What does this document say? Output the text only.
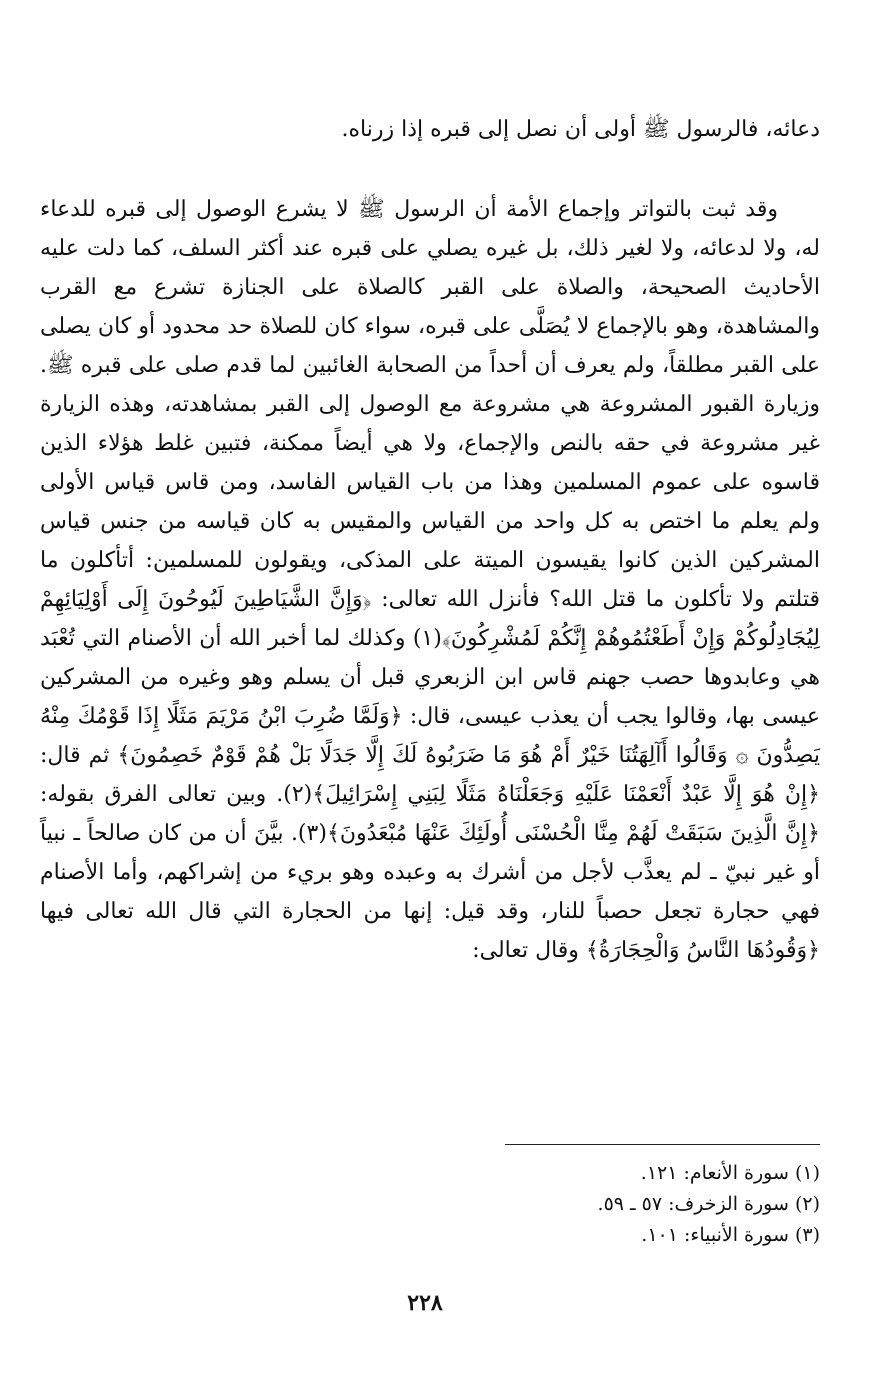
دعائه، فالرسول ﷺ أولى أن نصل إلى قبره إذا زرناه.

وقد ثبت بالتواتر وإجماع الأمة أن الرسول ﷺ لا يشرع الوصول إلى قبره للدعاء له، ولا لدعائه، ولا لغير ذلك، بل غيره يصلي على قبره عند أكثر السلف، كما دلت عليه الأحاديث الصحيحة، والصلاة على القبر كالصلاة على الجنازة تشرع مع القرب والمشاهدة، وهو بالإجماع لا يُصَلَّى على قبره، سواء كان للصلاة حد محدود أو كان يصلى على القبر مطلقاً، ولم يعرف أن أحداً من الصحابة الغائبين لما قدم صلى على قبره ﷺ. وزيارة القبور المشروعة هي مشروعة مع الوصول إلى القبر بمشاهدته، وهذه الزيارة غير مشروعة في حقه بالنص والإجماع، ولا هي أيضاً ممكنة، فتبين غلط هؤلاء الذين قاسوه على عموم المسلمين وهذا من باب القياس الفاسد، ومن قاس قياس الأولى ولم يعلم ما اختص به كل واحد من القياس والمقيس به كان قياسه من جنس قياس المشركين الذين كانوا يقيسون الميتة على المذكى، ويقولون للمسلمين: أتأكلون ما قتلتم ولا تأكلون ما قتل الله؟ فأنزل الله تعالى: ﴿وَإِنَّ الشَّيَاطِينَ لَيُوحُونَ إِلَى أَوْلِيَائِهِمْ لِيُجَادِلُوكُمْ وَإِنْ أَطَعْتُمُوهُمْ إِنَّكُمْ لَمُشْرِكُونَ﴾(١) وكذلك لما أخبر الله أن الأصنام التي تُعْبَد هي وعابدوها حصب جهنم قاس ابن الزبعري قبل أن يسلم وهو وغيره من المشركين عيسى بها، وقالوا يجب أن يعذب عيسى، قال: ﴿وَلَمَّا ضُرِبَ ابْنُ مَرْيَمَ مَثَلًا إِذَا قَوْمُكَ مِنْهُ يَصِدُّونَ ۞ وَقَالُوا أَآلِهَتُنَا خَيْرٌ أَمْ هُوَ مَا ضَرَبُوهُ لَكَ إِلَّا جَدَلًا بَلْ هُمْ قَوْمٌ خَصِمُونَ﴾ ثم قال: ﴿إِنْ هُوَ إِلَّا عَبْدٌ أَنْعَمْنَا عَلَيْهِ وَجَعَلْنَاهُ مَثَلًا لِبَنِي إِسْرَائِيلَ﴾(٢). وبين تعالى الفرق بقوله: ﴿إِنَّ الَّذِينَ سَبَقَتْ لَهُمْ مِنَّا الْحُسْنَى أُولَئِكَ عَنْهَا مُبْعَدُونَ﴾(٣). بيَّنَ أن من كان صالحاً ـ نبياً أو غير نبيّ ـ لم يعذَّب لأجل من أشرك به وعبده وهو بريء من إشراكهم، وأما الأصنام فهي حجارة تجعل حصباً للنار، وقد قيل: إنها من الحجارة التي قال الله تعالى فيها ﴿وَقُودُهَا النَّاسُ وَالْحِجَارَةُ﴾ وقال تعالى:

(١) سورة الأنعام: ١٢١.
(٢) سورة الزخرف: ٥٧ ـ ٥٩.
(٣) سورة الأنبياء: ١٠١.
٢٢٨
